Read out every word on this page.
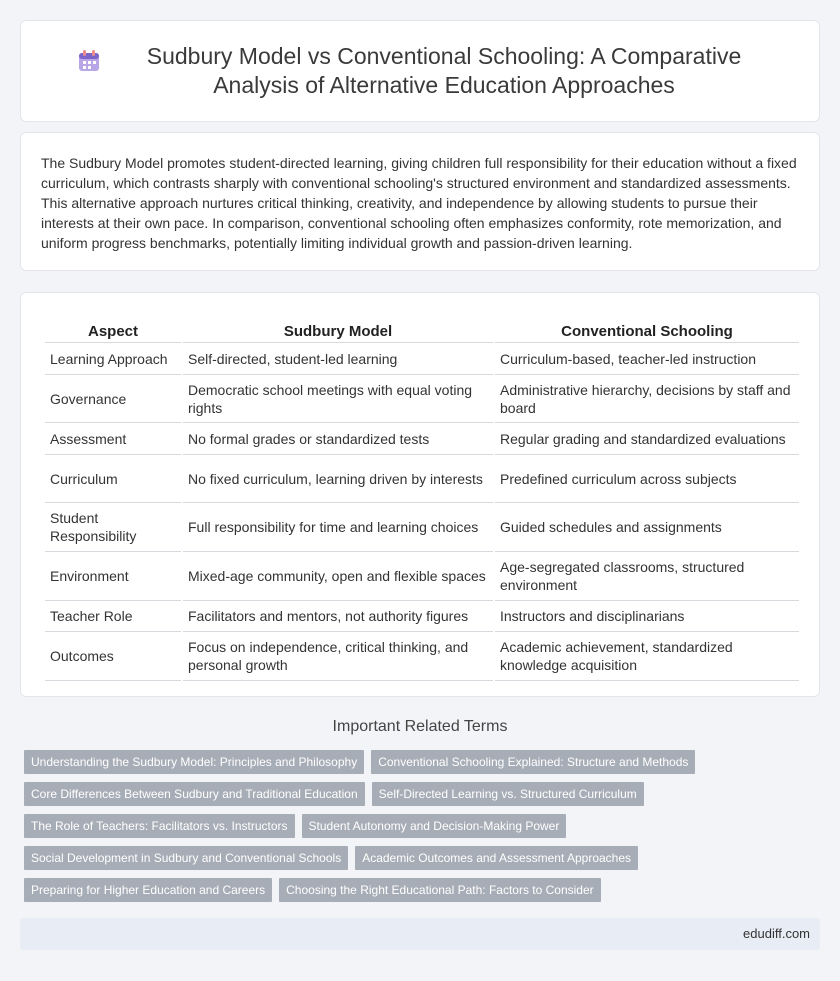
Sudbury Model vs Conventional Schooling: A Comparative Analysis of Alternative Education Approaches

The Sudbury Model promotes student-directed learning, giving children full responsibility for their education without a fixed curriculum, which contrasts sharply with conventional schooling's structured environment and standardized assessments. This alternative approach nurtures critical thinking, creativity, and independence by allowing students to pursue their interests at their own pace. In comparison, conventional schooling often emphasizes conformity, rote memorization, and uniform progress benchmarks, potentially limiting individual growth and passion-driven learning.

Aspect	Sudbury Model	Conventional Schooling
Learning Approach	Self-directed, student-led learning	Curriculum-based, teacher-led instruction
Governance	Democratic school meetings with equal voting rights	Administrative hierarchy, decisions by staff and board
Assessment	No formal grades or standardized tests	Regular grading and standardized evaluations
Curriculum	No fixed curriculum, learning driven by interests	Predefined curriculum across subjects
Student Responsibility	Full responsibility for time and learning choices	Guided schedules and assignments
Environment	Mixed-age community, open and flexible spaces	Age-segregated classrooms, structured environment
Teacher Role	Facilitators and mentors, not authority figures	Instructors and disciplinarians
Outcomes	Focus on independence, critical thinking, and personal growth	Academic achievement, standardized knowledge acquisition
Important Related Terms
Understanding the Sudbury Model: Principles and Philosophy	Conventional Schooling Explained: Structure and Methods
Core Differences Between Sudbury and Traditional Education	Self-Directed Learning vs. Structured Curriculum
The Role of Teachers: Facilitators vs. Instructors	Student Autonomy and Decision-Making Power
Social Development in Sudbury and Conventional Schools	Academic Outcomes and Assessment Approaches
Preparing for Higher Education and Careers	Choosing the Right Educational Path: Factors to Consider
edudiff.com
